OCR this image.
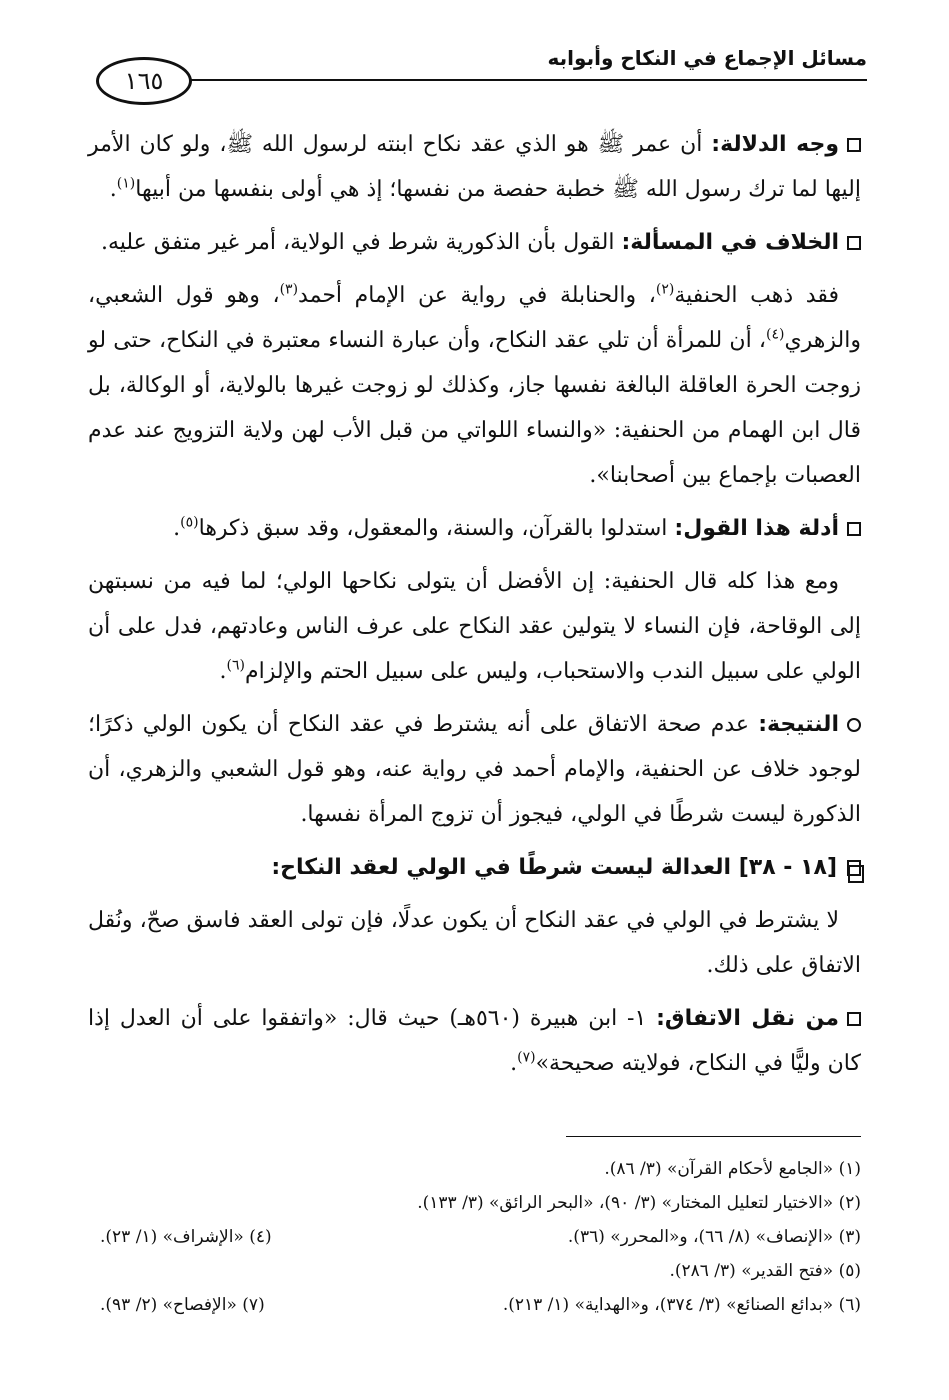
مسائل الإجماع في النكاح وأبوابه
١٦٥

وجه الدلالة: أن عمر ﷺ هو الذي عقد نكاح ابنته لرسول الله ﷺ، ولو كان الأمر إليها لما ترك رسول الله ﷺ خطبة حفصة من نفسها؛ إذ هي أولى بنفسها من أبيها$^{(١)}$.

الخلاف في المسألة: القول بأن الذكورية شرط في الولاية، أمر غير متفق عليه.

فقد ذهب الحنفية$^{(٢)}$، والحنابلة في رواية عن الإمام أحمد$^{(٣)}$، وهو قول الشعبي، والزهري$^{(٤)}$، أن للمرأة أن تلي عقد النكاح، وأن عبارة النساء معتبرة في النكاح، حتى لو زوجت الحرة العاقلة البالغة نفسها جاز، وكذلك لو زوجت غيرها بالولاية، أو الوكالة، بل قال ابن الهمام من الحنفية: «والنساء اللواتي من قبل الأب لهن ولاية التزويج عند عدم العصبات بإجماع بين أصحابنا».

أدلة هذا القول: استدلوا بالقرآن، والسنة، والمعقول، وقد سبق ذكرها$^{(٥)}$.

ومع هذا كله قال الحنفية: إن الأفضل أن يتولى نكاحها الولي؛ لما فيه من نسبتهن إلى الوقاحة، فإن النساء لا يتولين عقد النكاح على عرف الناس وعادتهم، فدل على أن الولي على سبيل الندب والاستحباب، وليس على سبيل الحتم والإلزام$^{(٦)}$.

النتيجة: عدم صحة الاتفاق على أنه يشترط في عقد النكاح أن يكون الولي ذكرًا؛ لوجود خلاف عن الحنفية، والإمام أحمد في رواية عنه، وهو قول الشعبي والزهري، أن الذكورة ليست شرطًا في الولي، فيجوز أن تزوج المرأة نفسها.

[١٨ - ٣٨] العدالة ليست شرطًا في الولي لعقد النكاح:

لا يشترط في الولي في عقد النكاح أن يكون عدلًا، فإن تولى العقد فاسق صحّ، ونُقل الاتفاق على ذلك.

من نقل الاتفاق: ١- ابن هبيرة (٥٦٠هـ) حيث قال: «واتفقوا على أن العدل إذا كان وليًّا في النكاح، فولايته صحيحة»$^{(٧)}$.

(١) «الجامع لأحكام القرآن» (٣/ ٨٦).
(٢) «الاختيار لتعليل المختار» (٣/ ٩٠)، «البحر الرائق» (٣/ ١٣٣).
(٣) «الإنصاف» (٨/ ٦٦)، و«المحرر» (٣٦).
(٤) «الإشراف» (١/ ٢٣).
(٥) «فتح القدير» (٣/ ٢٨٦).
(٦) «بدائع الصنائع» (٣/ ٣٧٤)، و«الهداية» (١/ ٢١٣).
(٧) «الإفصاح» (٢/ ٩٣).
